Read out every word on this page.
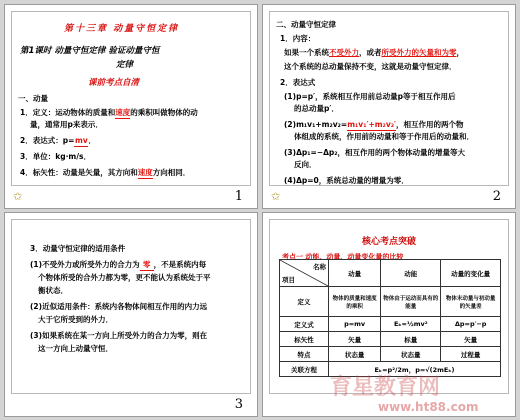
第十三章 动量守恒定律
第1课时 动量守恒定律 验证动量守恒
定律
课前考点自清
一、动量
1．定义：运动物体的质量和速度的乘积叫做物体的动
量，通常用p来表示．
2．表达式：p=mv．
3．单位：kg·m/s．
4．标矢性：动量是矢量，其方向和速度方向相同．
✩	1
二、动量守恒定律
1．内容：
如果一个系统不受外力，或者所受外力的矢量和为零，
这个系统的总动量保持不变，这就是动量守恒定律．
2．表达式
(1)p=p′，系统相互作用前总动量p等于相互作用后
的总动量p′．
(2)m₁v₁+m₂v₂=m₁v₁′+m₂v₂′，相互作用的两个物
体组成的系统，作用前的动量和等于作用后的动量和．
(3)Δp₁=−Δp₂，相互作用的两个物体动量的增量等大
反向．
(4)Δp=0，系统总动量的增量为零．
✩	2
3．动量守恒定律的适用条件
(1)不受外力或所受外力的合力为 零 ，不是系统内每
个物体所受的合外力都为零，更不能认为系统处于平
衡状态．
(2)近似适用条件：系统内各物体间相互作用的内力远
大于它所受到的外力．
(3)如果系统在某一方向上所受外力的合力为零，则在
这一方向上动量守恒．
3
核心考点突破
考点一 动能、动量、动量变化量的比较
名称
项目	动量	动能	动量的变化量
定义	物体的质量和速度的乘积	物体由于运动而具有的能量	物体末动量与初动量的矢量差
定义式	p=mv	Eₖ=½mv²	Δp=p′−p
标矢性	矢量	标量	矢量
特点	状态量	状态量	过程量
关联方程	Eₖ=p²/2m，p=√(2mEₖ)		
育星教育网
www.ht88.com
